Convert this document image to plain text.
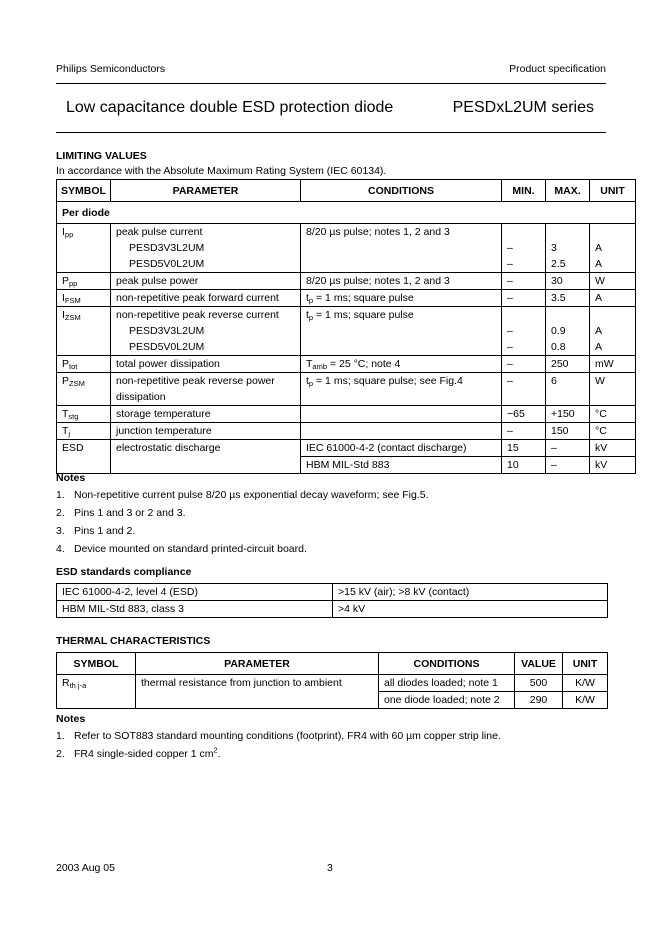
Philips Semiconductors	Product specification
Low capacitance double ESD protection diode	PESDxL2UM series
LIMITING VALUES
In accordance with the Absolute Maximum Rating System (IEC 60134).
SYMBOL	PARAMETER	CONDITIONS	MIN.	MAX.	UNIT
Per diode					
$I_{pp}$	peak pulse current	8/20 µs pulse; notes 1, 2 and 3			

	PESD3V3L2UM		–	3	A

	PESD5V0L2UM		–	2.5	A
$P_{pp}$	peak pulse power	8/20 µs pulse; notes 1, 2 and 3	–	30	W
$I_{FSM}$	non-repetitive peak forward current	$t_p = 1$ ms; square pulse	–	3.5	A
$I_{ZSM}$	non-repetitive peak reverse current	$t_p = 1$ ms; square pulse			

	PESD3V3L2UM		–	0.9	A

	PESD5V0L2UM		–	0.8	A
$P_{tot}$	total power dissipation	$T_{amb} = 25$ °C; note 4	–	250	mW
$P_{ZSM}$	non-repetitive peak reverse power dissipation	$t_p = 1$ ms; square pulse; see Fig.4	–	6	W
$T_{stg}$	storage temperature		−65	+150	°C
$T_j$	junction temperature		–	150	°C
ESD	electrostatic discharge	IEC 61000-4-2 (contact discharge)	15	–	kV
		HBM MIL-Std 883	10	–	kV
Notes
1. Non-repetitive current pulse 8/20 µs exponential decay waveform; see Fig.5.
2. Pins 1 and 3 or 2 and 3.
3. Pins 1 and 2.
4. Device mounted on standard printed-circuit board.
ESD standards compliance
IEC 61000-4-2, level 4 (ESD)	>15 kV (air); >8 kV (contact)
HBM MIL-Std 883, class 3	>4 kV
THERMAL CHARACTERISTICS
SYMBOL	PARAMETER	CONDITIONS	VALUE	UNIT
$R_{th j-a}$	thermal resistance from junction to ambient	all diodes loaded; note 1	500	K/W
		one diode loaded; note 2	290	K/W
Notes
1. Refer to SOT883 standard mounting conditions (footprint), FR4 with 60 µm copper strip line.
2. FR4 single-sided copper 1 $cm^2$.
2003 Aug 05	3
